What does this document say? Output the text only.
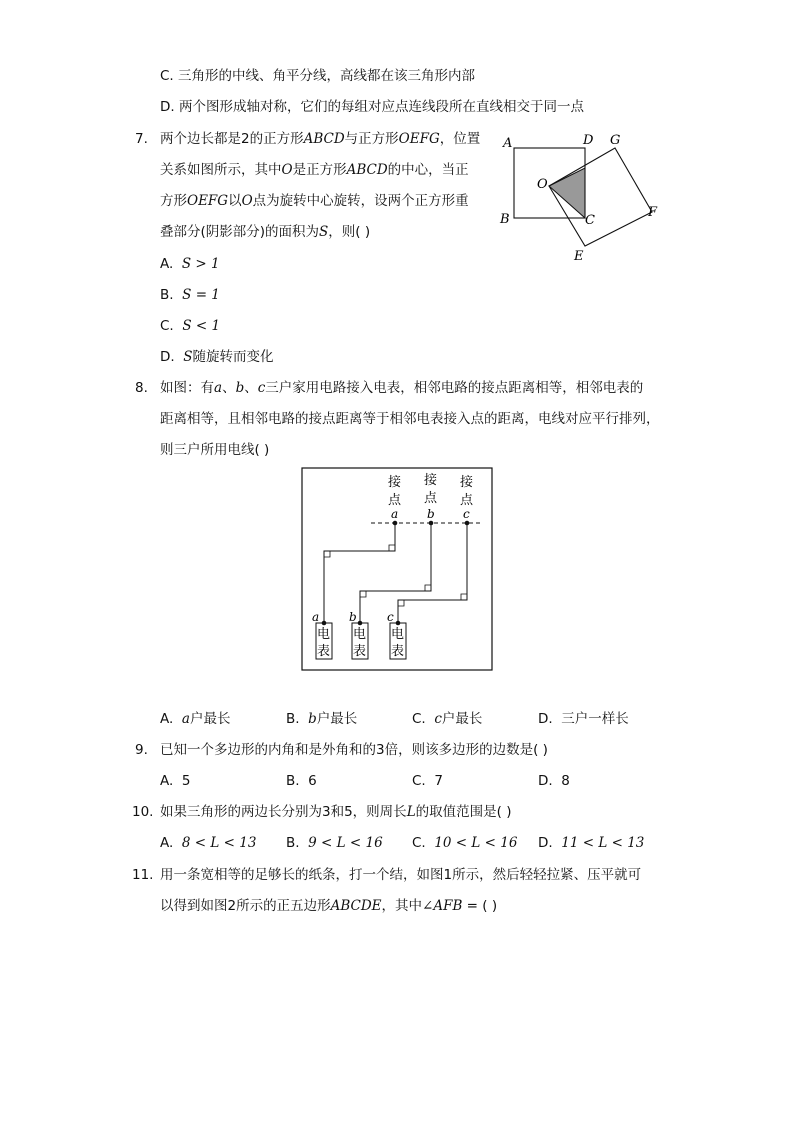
C. 三角形的中线、角平分线，高线都在该三角形内部
D. 两个图形成轴对称，它们的每组对应点连线段所在直线相交于同一点
7. 两个边长都是2的正方形ABCD与正方形OEFG，位置
关系如图所示，其中O是正方形ABCD的中心，当正
方形OEFG以O点为旋转中心旋转，设两个正方形重
叠部分(阴影部分)的面积为S，则( )
A. S > 1
B. S = 1
C. S < 1
D. S随旋转而变化
A
B	C
D
E
F
G
O
8. 如图：有a、b、c三户家用电路接入电表，相邻电路的接点距离相等，相邻电表的
距离相等，且相邻电路的接点距离等于相邻电表接入点的距离，电线对应平行排列，
则三户所用电线( )
接
点
a
接
点
b
接
点
c
a b	c
电
表
电
表
电
表
A. a户最长	B. b户最长	C. c户最长	D. 三户一样长
9. 已知一个多边形的内角和是外角和的3倍，则该多边形的边数是( )
A. 5	B. 6	C. 7	D. 8
10. 如果三角形的两边长分别为3和5，则周长L的取值范围是( )
A. 8 < L < 13 B. 9 < L < 16 C. 10 < L < 16 D. 11 < L < 13
11. 用一条宽相等的足够长的纸条，打一个结，如图1所示，然后轻轻拉紧、压平就可
以得到如图2所示的正五边形ABCDE，其中∠AFB = ( )
